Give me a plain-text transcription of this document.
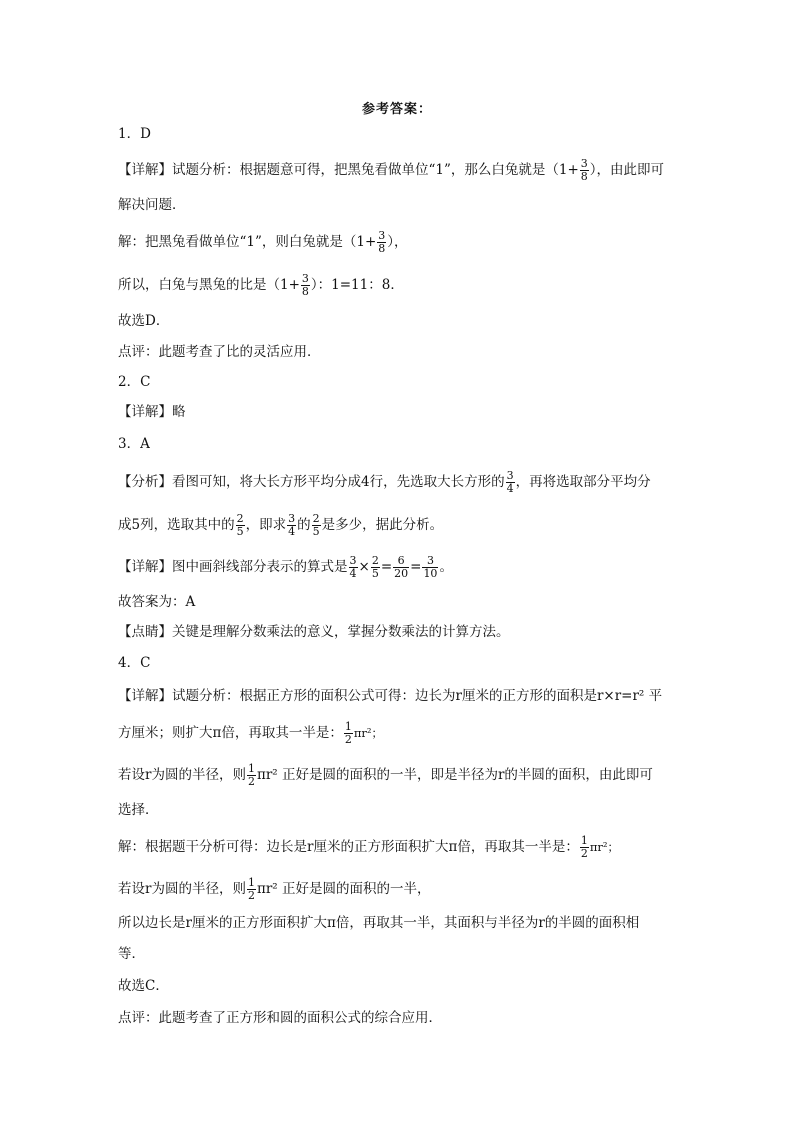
参考答案：
1．D
【详解】试题分析：根据题意可得，把黑兔看做单位“1”，那么白兔就是（$1+ \frac{3}{8}$ ），由此即可
解决问题．
解：把黑兔看做单位“1”，则白兔就是（$1+ \frac{3}{8}$ ），
所以，白兔与黑兔的比是（$1+ \frac{3}{8}$ ）：1=11：8．
故选D．
点评：此题考查了比的灵活应用．
2．C
【详解】略
3．A
【分析】看图可知，将大长方形平均分成4行，先选取大长方形的 $\frac{3}{4}$ ，再将选取部分平均分
成5列，选取其中的 $\frac{2}{5}$ ，即求 $\frac{3}{4}$ 的 $\frac{2}{5}$ 是多少，据此分析。
【详解】图中画斜线部分表示的算式是 $\frac{3}{4} \times \frac{2}{5} = \frac{6}{20} = \frac{3}{10}$ 。
故答案为：A
【点睛】关键是理解分数乘法的意义，掌握分数乘法的计算方法。
4．C
【详解】试题分析：根据正方形的面积公式可得：边长为r厘米的正方形的面积是r×r=r² 平
方厘米；则扩大π倍，再取其一半是： $\frac{1}{2} \pi r^2$；
若设r为圆的半径，则 $\frac{1}{2} \pi r^2$ 正好是圆的面积的一半，即是半径为r的半圆的面积，由此即可
选择．
解：根据题干分析可得：边长是r厘米的正方形面积扩大π倍，再取其一半是： $\frac{1}{2} \pi r^2$；
若设r为圆的半径，则 $\frac{1}{2} \pi r^2$ 正好是圆的面积的一半，
所以边长是r厘米的正方形面积扩大π倍，再取其一半，其面积与半径为r的半圆的面积相
等．
故选C．
点评：此题考查了正方形和圆的面积公式的综合应用．
